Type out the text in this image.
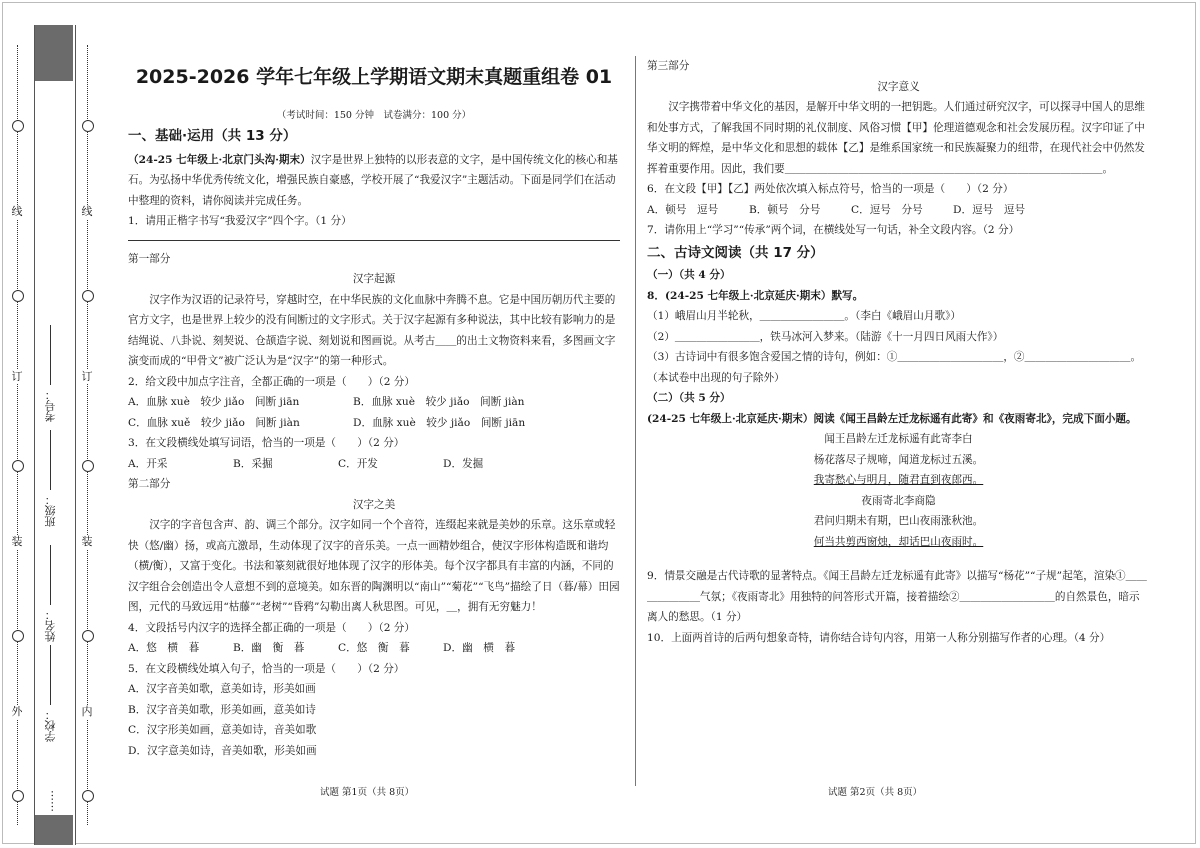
外
装
订
线
内
装
订
线
学校：
姓名：
班级：
考号：
……
2025-2026 学年七年级上学期语文期末真题重组卷 01
（考试时间：150 分钟　试卷满分：100 分）
一、基础·运用（共 13 分）

（24-25 七年级上·北京门头沟·期末）汉字是世界上独特的以形表意的文字，是中国传统文化的核心和基石。为弘扬中华优秀传统文化，增强民族自豪感，学校开展了“我爱汉字”主题活动。下面是同学们在活动中整理的资料，请你阅读并完成任务。

1．请用正楷字书写“我爱汉字”四个字。（1 分）

第一部分

汉字起源

汉字作为汉语的记录符号，穿越时空，在中华民族的文化血脉中奔腾不息。它是中国历朝历代主要的官方文字，也是世界上较少的没有间断过的文字形式。关于汉字起源有多种说法，其中比较有影响力的是结绳说、八卦说、刻契说、仓颉造字说、刻划说和图画说。从考古＿＿的出土文物资料来看，多图画文字演变而成的“甲骨文”被广泛认为是“汉字”的第一种形式。

2．给文段中加点字注音，全都正确的一项是（　　）（2 分）

A．血脉 xuè　较少 jiǎo　间断 jiān	B．血脉 xuè　较少 jiǎo　间断 jiàn
C．血脉 xuě　较少 jiǎo　间断 jiàn	D．血脉 xuè　较少 jiǎo　间断 jiān

3．在文段横线处填写词语，恰当的一项是（　　）（2 分）

A．开采	B．采掘	C．开发	D．发掘

第二部分

汉字之美

汉字的字音包含声、韵、调三个部分。汉字如同一个个音符，连缀起来就是美妙的乐章。这乐章或轻快（悠/幽）扬，或高亢激昂，生动体现了汉字的音乐美。一点一画精妙组合，使汉字形体构造既和谐均（横/衡），又富于变化。书法和篆刻就很好地体现了汉字的形体美。每个汉字都具有丰富的内涵，不同的汉字组合会创造出令人意想不到的意境美。如东晋的陶渊明以“南山”“菊花”“飞鸟”描绘了日（暮/幕）田园图，元代的马致远用“枯藤”“老树”“昏鸦”勾勒出离人秋思图。可见，＿，拥有无穷魅力！

4．文段括号内汉字的选择全都正确的一项是（　　）（2 分）

A．悠　横　暮	B．幽　衡　暮	C．悠　衡　暮	D．幽　横　暮

5．在文段横线处填入句子，恰当的一项是（　　）（2 分）

A．汉字音美如歌，意美如诗，形美如画

B．汉字音美如歌，形美如画，意美如诗

C．汉字形美如画，意美如诗，音美如歌

D．汉字意美如诗，音美如歌，形美如画

试题 第1页（共 8页）

第三部分

汉字意义

汉字携带着中华文化的基因，是解开中华文明的一把钥匙。人们通过研究汉字，可以探寻中国人的思维和处事方式，了解我国不同时期的礼仪制度、风俗习惯【甲】伦理道德观念和社会发展历程。汉字印证了中华文明的辉煌，是中华文化和思想的载体【乙】是维系国家统一和民族凝聚力的纽带，在现代社会中仍然发挥着重要作用。因此，我们要＿＿＿＿＿＿＿＿＿＿＿＿＿＿＿＿＿＿＿＿＿＿＿＿＿＿＿＿＿＿。

6．在文段【甲】【乙】两处依次填入标点符号，恰当的一项是（　　）（2 分）

A．顿号　逗号	B．顿号　分号	C．逗号　分号	D．逗号　逗号

7．请你用上“学习”“传承”两个词，在横线处写一句话，补全文段内容。（2 分）

二、古诗文阅读（共 17 分）

（一）（共 4 分）

8．(24-25 七年级上·北京延庆·期末）默写。

（1）峨眉山月半轮秋，＿＿＿＿＿＿＿＿。（李白《峨眉山月歌》）

（2）＿＿＿＿＿＿＿＿，铁马冰河入梦来。（陆游《十一月四日风雨大作》）

（3）古诗词中有很多饱含爱国之情的诗句，例如：①＿＿＿＿＿＿＿＿＿＿，②＿＿＿＿＿＿＿＿＿＿。（本试卷中出现的句子除外）

（二）（共 5 分）

(24-25 七年级上·北京延庆·期末）阅读《闻王昌龄左迁龙标遥有此寄》和《夜雨寄北》，完成下面小题。

闻王昌龄左迁龙标遥有此寄李白

杨花落尽子规啼，闻道龙标过五溪。

我寄愁心与明月，随君直到夜郎西。

夜雨寄北李商隐

君问归期未有期，巴山夜雨涨秋池。

何当共剪西窗烛，却话巴山夜雨时。

9．情景交融是古代诗歌的显著特点。《闻王昌龄左迁龙标遥有此寄》以描写“杨花”“子规”起笔，渲染①＿＿＿＿＿＿＿气氛；《夜雨寄北》用独特的问答形式开篇，接着描绘②＿＿＿＿＿＿＿＿＿的自然景色，暗示离人的愁思。（1 分）

10．上面两首诗的后两句想象奇特，请你结合诗句内容，用第一人称分别描写作者的心理。（4 分）

试题 第2页（共 8页）
